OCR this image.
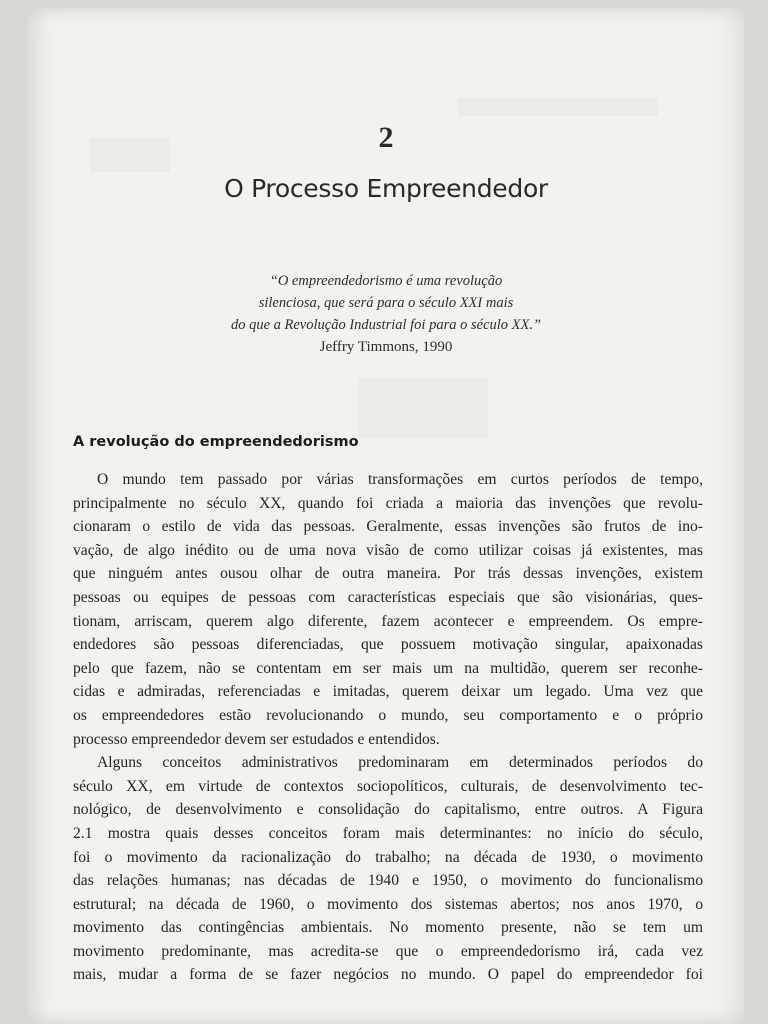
2
O Processo Empreendedor
“O empreendedorismo é uma revolução
silenciosa, que será para o século XXI mais
do que a Revolução Industrial foi para o século XX.”
Jeffry Timmons, 1990
A revolução do empreendedorismo
O mundo tem passado por várias transformações em curtos períodos de tempo,
principalmente no século XX, quando foi criada a maioria das invenções que revolu-
cionaram o estilo de vida das pessoas. Geralmente, essas invenções são frutos de ino-
vação, de algo inédito ou de uma nova visão de como utilizar coisas já existentes, mas
que ninguém antes ousou olhar de outra maneira. Por trás dessas invenções, existem
pessoas ou equipes de pessoas com características especiais que são visionárias, ques-
tionam, arriscam, querem algo diferente, fazem acontecer e empreendem. Os empre-
endedores são pessoas diferenciadas, que possuem motivação singular, apaixonadas
pelo que fazem, não se contentam em ser mais um na multidão, querem ser reconhe-
cidas e admiradas, referenciadas e imitadas, querem deixar um legado. Uma vez que
os empreendedores estão revolucionando o mundo, seu comportamento e o próprio
processo empreendedor devem ser estudados e entendidos.
Alguns conceitos administrativos predominaram em determinados períodos do
século XX, em virtude de contextos sociopolíticos, culturais, de desenvolvimento tec-
nológico, de desenvolvimento e consolidação do capitalismo, entre outros. A Figura
2.1 mostra quais desses conceitos foram mais determinantes: no início do século,
foi o movimento da racionalização do trabalho; na década de 1930, o movimento
das relações humanas; nas décadas de 1940 e 1950, o movimento do funcionalismo
estrutural; na década de 1960, o movimento dos sistemas abertos; nos anos 1970, o
movimento das contingências ambientais. No momento presente, não se tem um
movimento predominante, mas acredita-se que o empreendedorismo irá, cada vez
mais, mudar a forma de se fazer negócios no mundo. O papel do empreendedor foi
